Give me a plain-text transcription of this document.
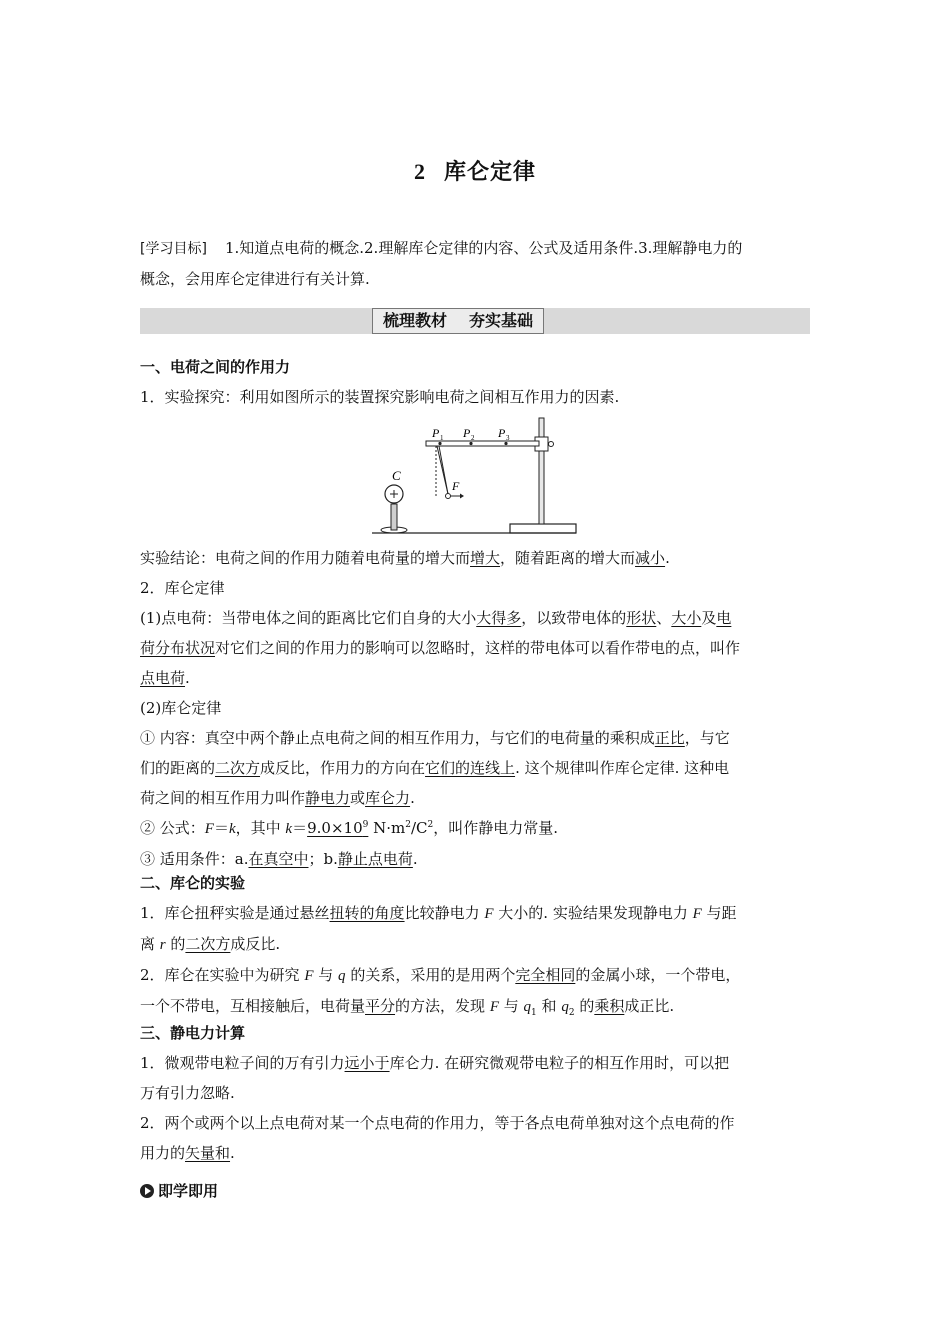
2 库仑定律

[学习目标] 1.知道点电荷的概念.2.理解库仑定律的内容、公式及适用条件.3.理解静电力的

概念，会用库仑定律进行有关计算.

梳理教材 夯实基础

一、电荷之间的作用力

1．实验探究：利用如图所示的装置探究影响电荷之间相互作用力的因素.

C
P 1 P 2 P 3
F

实验结论：电荷之间的作用力随着电荷量的增大而增大，随着距离的增大而减小.

2．库仑定律

(1)点电荷：当带电体之间的距离比它们自身的大小大得多，以致带电体的形状、大小及电

荷分布状况对它们之间的作用力的影响可以忽略时，这样的带电体可以看作带电的点，叫作

点电荷.

(2)库仑定律

① 内容：真空中两个静止点电荷之间的相互作用力，与它们的电荷量的乘积成正比，与它

们的距离的二次方成反比，作用力的方向在它们的连线上. 这个规律叫作库仑定律. 这种电

荷之间的相互作用力叫作静电力或库仑力.

② 公式：F＝k，其中 $k=9.0\times 10^9$ $N\cdot m^2/C^2$，叫作静电力常量.

③ 适用条件：a.在真空中；b.静止点电荷.

二、库仑的实验

1．库仑扭秤实验是通过悬丝扭转的角度比较静电力 F 大小的. 实验结果发现静电力 F 与距

离 r 的二次方成反比.

2．库仑在实验中为研究 F 与 q 的关系，采用的是用两个完全相同的金属小球，一个带电，

一个不带电，互相接触后，电荷量平分的方法，发现 F 与 $q_1$ 和 $q_2$ 的乘积成正比.

三、静电力计算

1．微观带电粒子间的万有引力远小于库仑力. 在研究微观带电粒子的相互作用时，可以把

万有引力忽略.

2．两个或两个以上点电荷对某一个点电荷的作用力，等于各点电荷单独对这个点电荷的作

用力的矢量和.

即学即用
